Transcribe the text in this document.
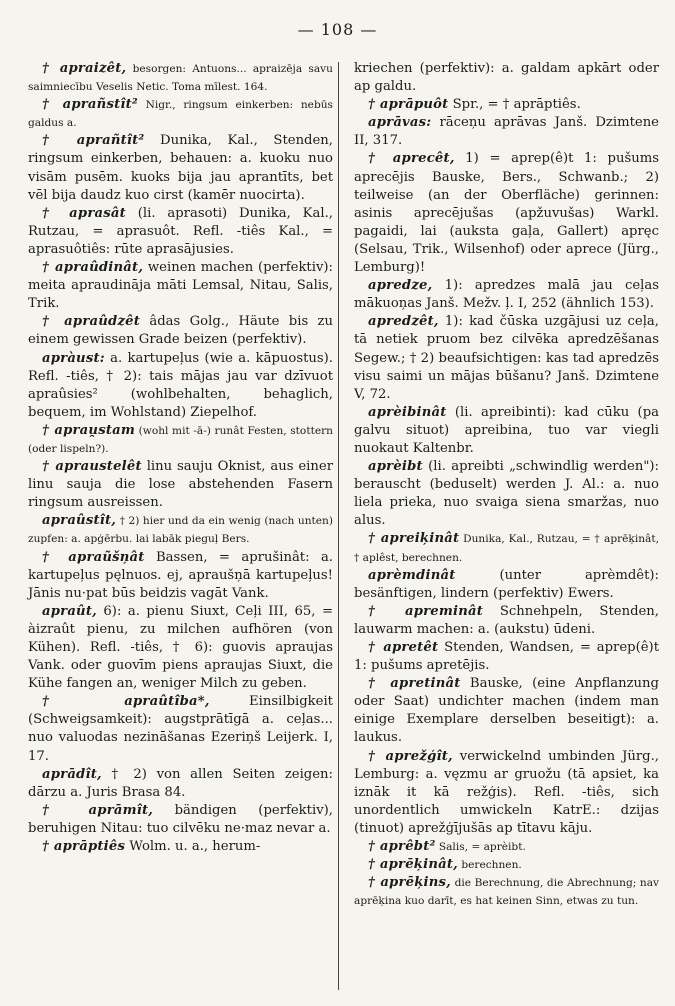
— 108 —

† apraizêt, besorgen: Antuons... apraizēja savu saimniecību Veselis Netic. Toma mīlest. 164.

† aprañstît² Nigr., ringsum einkerben: nebūs galdus a.

† aprañtît² Dunika, Kal., Stenden, ringsum einkerben, behauen: a. kuoku nuo visām pusēm. kuoks bija jau aprantīts, bet vēl bija daudz kuo cirst (kamēr nuocirta).

† aprasât (li. aprasoti) Dunika, Kal., Rutzau, = aprasuôt. Refl. -tiês Kal., = aprasuôtiês: rūte aprasājusies.

† apraûdinât, weinen machen (perfektiv): meita apraudināja māti Lemsal, Nitau, Salis, Trik.

† apraûdzêt âdas Golg., Häute bis zu einem gewissen Grade beizen (perfektiv).

apràust: a. kartupeļus (wie a. kāpuostus). Refl. -tiês, † 2): tais mājas jau var dzīvuot apraûsies² (wohlbehalten, behaglich, bequem, im Wohlstand) Ziepelhof.

† aprau̯stam (wohl mit -ā-) runât Festen, stottern (oder lispeln?).

† apraustelêt linu sauju Oknist, aus einer linu sauja die lose abstehenden Fasern ringsum ausreissen.

apraûstît, † 2) hier und da ein wenig (nach unten) zupfen: a. apģērbu. lai labāk pieguļ Bers.

† apraũšņât Bassen, = aprušinât: a. kartupeļus pęlnuos. ej, apraušņā kartupeļus! Jānis nu·pat būs beidzis vagāt Vank.

apraût, 6): a. pienu Siuxt, Ceļi III, 65, = àizraût pienu, zu milchen aufhören (von Kühen). Refl. -tiês, † 6): guovis apraujas Vank. oder guovīm piens apraujas Siuxt, die Kühe fangen an, weniger Milch zu geben.

† apraûtîba*, Einsilbigkeit (Schweigsamkeit): augstprātīgā a. ceļas... nuo valuodas nezināšanas Ezeriņš Leijerk. I, 17.

aprādît, † 2) von allen Seiten zeigen: dārzu a. Juris Brasa 84.

† aprāmît, bändigen (perfektiv), beruhigen Nitau: tuo cilvēku ne·maz nevar a.

† aprāptiês Wolm. u. a., herum-

kriechen (perfektiv): a. galdam apkārt oder ap galdu.

† aprāpuôt Spr., = † aprāptiês.

aprāvas: rāceņu aprāvas Janš. Dzimtene II, 317.

† aprecêt, 1) = aprep(ê)t 1: pušums aprecējis Bauske, Bers., Schwanb.; 2) teilweise (an der Oberfläche) gerinnen: asinis aprecējušas (apžuvušas) Warkl. pagaidi, lai (auksta gaļa, Gallert) apręc (Selsau, Trik., Wilsenhof) oder aprece (Jürg., Lemburg)!

apredze, 1): apredzes malā jau ceļas mākuoņas Janš. Mežv. ļ. I, 252 (ähnlich 153).

apredzêt, 1): kad čūska uzgājusi uz ceļa, tā netiek pruom bez cilvēka apredzēšanas Segew.; † 2) beaufsichtigen: kas tad apredzēs visu saimi un mājas būšanu? Janš. Dzimtene V, 72.

aprèibinât (li. apreibinti): kad cūku (pa galvu situot) apreibina, tuo var viegli nuokaut Kaltenbr.

aprèibt (li. apreibti „schwindlig werden"): berauscht (beduselt) werden J. Al.: a. nuo liela prieka, nuo svaiga siena smaržas, nuo alus.

† apreiķinât Dunika, Kal., Rutzau, = † aprēķinât, † aplêst, berechnen.

aprèmdinât (unter aprèmdêt): besänftigen, lindern (perfektiv) Ewers.

† apreminât Schnehpeln, Stenden, lauwarm machen: a. (aukstu) ūdeni.

† apretêt Stenden, Wandsen, = aprep(ê)t 1: pušums apretējis.

† apretinât Bauske, (eine Anpflanzung oder Saat) undichter machen (indem man einige Exemplare derselben beseitigt): a. laukus.

† aprežģît, verwickelnd umbinden Jürg., Lemburg: a. vęzmu ar gruožu (tā apsiet, ka iznāk it kā režģis). Refl. -tiês, sich unordentlich umwickeln KatrE.: dzijas (tinuot) aprežģījušās ap tītavu kāju.

† aprêbt² Salis, = aprèibt.

† aprēķinât, berechnen.

† aprēķins, die Berechnung, die Abrechnung; nav aprēķina kuo darīt, es hat keinen Sinn, etwas zu tun.
